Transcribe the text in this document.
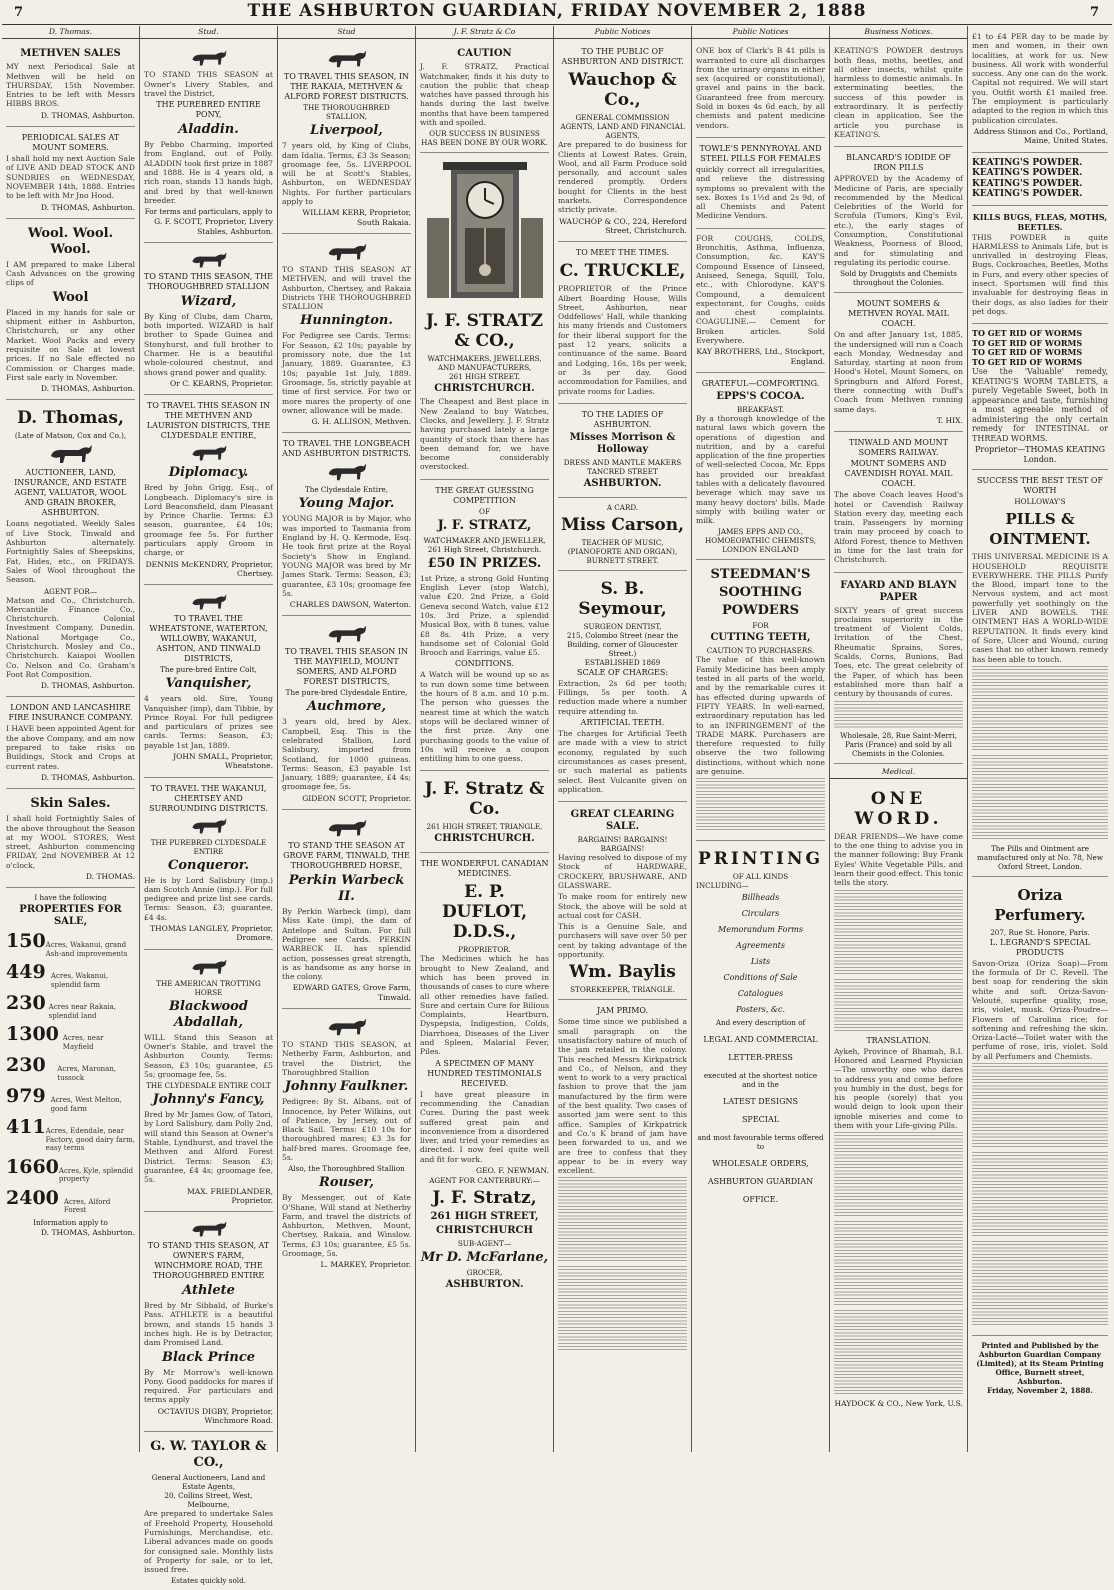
7	THE ASHBURTON GUARDIAN, FRIDAY NOVEMBER 2, 1888	7
D. Thomas.
METHVEN SALES
MY next Periodical Sale at Methven will be held on THURSDAY, 15th November. Entries to be left with Messrs HIBBS BROS.
D. THOMAS, Ashburton.
PERIODICAL SALES AT MOUNT SOMERS.
I shall hold my next Auction Sale of LIVE AND DEAD STOCK AND SUNDRIES on WEDNESDAY, NOVEMBER 14th, 1888. Entries to be left with Mr Jno Hood.
D. THOMAS, Ashburton.
Wool. Wool. Wool.
I AM prepared to make Liberal Cash Advances on the growing clips of
Wool
Placed in my hands for sale or shipment either in Ashburton, Christchurch, or any other Market. Wool Packs and every requisite on Sale at lowest prices. If no Sale effected no Commission or Charges made. First sale early in November.
D. THOMAS, Ashburton.
D. Thomas,
(Late of Matson, Cox and Co.),
AUCTIONEER, LAND, INSURANCE, AND ESTATE AGENT, VALUATOR, WOOL AND GRAIN BROKER, ASHBURTON.
Loans negotiated. Weekly Sales of Live Stock, Tinwald and Ashburton alternately. Fortnightly Sales of Sheepskins, Fat, Hides, etc., on FRIDAYS. Sales of Wool throughout the Season.
AGENT FOR—
Matson and Co., Christchurch. Mercantile Finance Co., Christchurch. Colonial Investment Company, Dunedin. National Mortgage Co., Christchurch. Mosley and Co., Christchurch. Kaiapoi Woollen Co. Nelson and Co. Graham's Foot Rot Composition.
D. THOMAS, Ashburton.
LONDON AND LANCASHIRE FIRE INSURANCE COMPANY.
I HAVE been appointed Agent for the above Company, and am now prepared to take risks on Buildings, Stock and Crops at current rates.
D. THOMAS, Ashburton.
Skin Sales.
I shall hold Fortnightly Sales of the above throughout the Season at my WOOL STORES, West street, Ashburton commencing FRIDAY, 2nd NOVEMBER At 12 o'clock,
D. THOMAS.
I have the following
PROPERTIES FOR SALE,
150 Acres, Wakanui, grand Ash-and improvements
449 Acres, Wakanui, splendid farm
230 Acres near Rakaia, splendid land
1300 Acres, near Mayfield
230	Acres, Maronan, tussock
979 Acres, West Melton, good farm
411 Acres, Edendale, near Factory, good dairy farm, easy terms
1660 Acres, Kyle, splendid property
2400 Acres, Alford Forest
Information apply to
D. THOMAS, Ashburton.
Stud.
TO STAND THIS SEASON at Owner's Livery Stables, and travel the District,
THE PUREBRED ENTIRE PONY,
Aladdin.
By Pebbo Charming, imported from England, out of Polly. ALADDIN took first prize in 1887 and 1888. He is 4 years old, a rich roan, stands 13 hands high, and bred by that well-known breeder.
For terms and particulars, apply to
G. F. SCOTT, Proprietor, Livery Stables, Ashburton.
TO STAND THIS SEASON, THE THOROUGHBRED STALLION
Wizard,
By King of Clubs, dam Charm, both imported. WIZARD is half brother to Spade Guinea and Stonyhurst, and full brother to Charmer. He is a beautiful whole-coloured chestnut, and shows grand power and quality.
Or C. KEARNS, Proprietor.
TO TRAVEL THIS SEASON IN THE METHVEN AND LAURISTON DISTRICTS, THE CLYDESDALE ENTIRE,
Diplomacy.
Bred by John Grigg, Esq., of Longbeach. Diplomacy's sire is Lord Beaconsfield, dam Pleasant by Prince Charlie. Terms: £3 season, guarantee, £4 10s; groomage fee 5s. For further particulars apply Groom in charge, or
DENNIS McKENDRY, Proprietor, Chertsey.
TO TRAVEL THE WHEATSTONE, WATERTON, WILLOWBY, WAKANUI, ASHTON, AND TINWALD DISTRICTS,
The pure-bred Entire Colt,
Vanquisher,
4 years old. Sire, Young Vanquisher (imp), dam Tibbie, by Prince Royal. For full pedigree and particulars of prizes see cards. Terms: Season, £3; payable 1st Jan, 1889.
JOHN SMALL, Proprietor, Wheatstone.
TO TRAVEL THE WAKANUI, CHERTSEY AND SURROUNDING DISTRICTS.
THE PUREBRED CLYDESDALE ENTIRE
Conqueror.
He is by Lord Salisbury (imp.) dam Scotch Annie (imp.). For full pedigree and prize list see cards. Terms: Season, £3; guarantee, £4 4s.
THOMAS LANGLEY, Proprietor, Dromore.
THE AMERICAN TROTTING HORSE
Blackwood Abdallah,
WILL Stand this Season at Owner's Stable, and travel the Ashburton County. Terms: Season, £3 10s; guarantee, £5 5s; groomage fee, 5s.
THE CLYDESDALE ENTIRE COLT
Johnny's Fancy,
Bred by Mr James Gow, of Tatori, by Lord Salisbury, dam Polly 2nd, will stand this Season at Owner's Stable, Lyndhurst, and travel the Methven and Alford Forest District. Terms: Season £3; guarantee, £4 4s; groomage fee, 5s.
MAX. FRIEDLANDER, Proprietor.
TO STAND THIS SEASON, AT OWNER'S FARM, WINCHMORE ROAD, THE THOROUGHBRED ENTIRE
Athlete
Bred by Mr Sibbald, of Burke's Pass. ATHLETE is a beautiful brown, and stands 15 hands 3 inches high. He is by Detractor, dam Promised Land.
Black Prince
By Mr Morrow's well-known Pony. Good paddocks for mares if required. For particulars and terms apply
OCTAVIUS DIGBY, Proprietor, Winchmore Road.
G. W. TAYLOR & CO.,
General Auctioneers, Land and Estate Agents,
20, Collins Street, West, Melbourne,
Are prepared to undertake Sales of Freehold Property, Household Furnishings, Merchandise, etc. Liberal advances made on goods for consigned sale. Monthly lists of Property for sale, or to let, issued free.
Estates quickly sold.
Stud
TO TRAVEL THIS SEASON, IN THE RAKAIA, METHVEN & ALFORD FOREST DISTRICTS.
THE THOROUGHBRED STALLION,
Liverpool,
7 years old, by King of Clubs, dam Idalia. Terms, £3 3s Season; groomage fee, 5s. LIVERPOOL will be at Scott's Stables, Ashburton, on WEDNESDAY Nights. For further particulars apply to
WILLIAM KERR, Proprietor, South Rakaia.
TO STAND THIS SEASON AT METHVEN, and will travel the Ashburton, Chertsey, and Rakaia Districts THE THOROUGHBRED STALLION
Hunnington.
For Pedigree see Cards. Terms: For Season, £2 10s; payable by promissory note, due the 1st January, 1889. Guarantee, £3 10s; payable 1st July, 1889. Groomage, 5s, strictly payable at time of first service. For two or more mares the property of one owner, allowance will be made.
G. H. ALLISON, Methven.
TO TRAVEL THE LONGBEACH AND ASHBURTON DISTRICTS.
The Clydesdale Entire,
Young Major.
YOUNG MAJOR is by Major, who was imported to Tasmania from England by H. Q. Kermode, Esq. He took first prize at the Royal Society's Show in England. YOUNG MAJOR was bred by Mr James Stark. Terms: Season, £3; guarantee, £3 10s; groomage fee 5s.
CHARLES DAWSON, Waterton.
TO TRAVEL THIS SEASON IN THE MAYFIELD, MOUNT SOMERS, AND ALFORD FOREST DISTRICTS,
The pure-bred Clydesdale Entire,
Auchmore,
3 years old, bred by Alex. Campbell, Esq. This is the celebrated Stallion, Lord Salisbury, imported from Scotland, for 1000 guineas. Terms: Season, £3 payable 1st January, 1889; guarantee, £4 4s; groomage fee, 5s.
GIDEON SCOTT, Proprietor.
TO STAND THE SEASON AT GROVE FARM, TINWALD, THE THOROUGHBRED HORSE,
Perkin Warbeck II.
By Perkin Warbeck (imp), dam Miss Kate (imp), the dam of Antelope and Sultan. For full Pedigree see Cards. PERKIN WARBECK II. has splendid action, possesses great strength, is as handsome as any horse in the colony.
EDWARD GATES, Grove Farm, Tinwald.
TO STAND THIS SEASON, at Netherby Farm, Ashburton, and travel the District, the Thoroughbred Stallion
Johnny Faulkner.
Pedigree: By St. Albans, out of Innocence, by Peter Wilkins, out of Patience, by Jersey, out of Black Sail. Terms: £10 10s for thoroughbred mares; £3 3s for half-bred mares. Groomage fee, 5s.
Also, the Thoroughbred Stallion
Rouser,
By Messenger, out of Kate O'Shane, Will stand at Netherby Farm, and travel the districts of Ashburton, Methven, Mount, Chertsey, Rakaia, and Winslow. Terms, £3 10s; guarantee, £5 5s. Groomage, 5s.
L. MARKEY, Proprietor.
J. F. Stratz & Co
CAUTION
J. F. STRATZ, Practical Watchmaker, finds it his duty to caution the public that cheap watches have passed through his hands during the last twelve months that have been tampered with and spoiled.
OUR SUCCESS IN BUSINESS HAS BEEN DONE BY OUR WORK.
J. F. STRATZ & CO.,
WATCHMAKERS, JEWELLERS, AND MANUFACTURERS,
261 HIGH STREET,
CHRISTCHURCH.
The Cheapest and Best place in New Zealand to buy Watches, Clocks, and Jewellery. J. F. Stratz having purchased lately a large quantity of stock than there has been demand for, we have become considerably overstocked.
THE GREAT GUESSING COMPETITION
OF
J. F. STRATZ,
WATCHMAKER AND JEWELLER,
261 High Street, Christchurch.
£50 IN PRIZES.
1st Prize, a strong Gold Hunting English Lever (stop Watch), value £20. 2nd Prize, a Gold Geneva second Watch, value £12 10s. 3rd Prize, a splendid Musical Box, with 8 tunes, value £8 8s. 4th Prize, a very handsome set of Colonial Gold Brooch and Earrings, value £5.
CONDITIONS.
A Watch will be wound up so as to run down some time between the hours of 8 a.m. and 10 p.m. The person who guesses the nearest time at which the watch stops will be declared winner of the first prize. Any one purchasing goods to the value of 10s will receive a coupon entitling him to one guess.
J. F. Stratz & Co.
261 HIGH STREET, TRIANGLE,
CHRISTCHURCH.
THE WONDERFUL CANADIAN MEDICINES.
E. P. DUFLOT, D.D.S.,
PROPRIETOR.
The Medicines which he has brought to New Zealand, and which has been proved in thousands of cases to cure where all other remedies have failed. Sure and certain Cure for Bilious Complaints, Heartburn, Dyspepsia, Indigestion, Colds, Diarrhoea, Diseases of the Liver and Spleen, Malarial Fever, Piles.
A SPECIMEN OF MANY HUNDRED TESTIMONIALS RECEIVED.
I have great pleasure in recommending the Canadian Cures. During the past week suffered great pain and inconvenience from a disordered liver, and tried your remedies as directed. I now feel quite well and fit for work.
GEO. F. NEWMAN.
AGENT FOR CANTERBURY:—
J. F. Stratz,
261 HIGH STREET,
CHRISTCHURCH
SUB-AGENT—
Mr D. McFarlane,
GROCER,
ASHBURTON.
Public Notices
TO THE PUBLIC OF ASHBURTON AND DISTRICT.
Wauchop & Co.,
GENERAL COMMISSION AGENTS, LAND AND FINANCIAL AGENTS,
Are prepared to do business for Clients at Lowest Rates. Grain, Wool, and all Farm Produce sold personally, and account sales rendered promptly. Orders bought for Clients in the best markets. Correspondence strictly private.
WAUCHOP & CO., 224, Hereford Street, Christchurch.
TO MEET THE TIMES.
C. TRUCKLE,
PROPRIETOR of the Prince Albert Boarding House, Wills Street, Ashburton, near Oddfellows' Hall, while thanking his many friends and Customers for their liberal support for the past 12 years, solicits a continuance of the same. Board and Lodging, 16s, 18s per week, or 3s per day. Good accommodation for Families, and private rooms for Ladies.
TO THE LADIES OF ASHBURTON.
Misses Morrison & Holloway
DRESS AND MANTLE MAKERS
TANCRED STREET
ASHBURTON.
A CARD.
Miss Carson,
TEACHER OF MUSIC,
(PIANOFORTE AND ORGAN),
BURNETT STREET.
S. B. Seymour,
SURGEON DENTIST,
215, Colombo Street (near the Building, corner of Gloucester Street.)
ESTABLISHED 1869
SCALE OF CHARGES:
Extraction, 2s 6d per tooth; Fillings, 5s per tooth. A reduction made where a number require attending to.
ARTIFICIAL TEETH.
The charges for Artificial Teeth are made with a view to strict economy, regulated by such circumstances as cases present, or such material as patients select. Best Vulcanite given on application.
GREAT CLEARING SALE.
BARGAINS! BARGAINS! BARGAINS!
Having resolved to dispose of my Stock of HARDWARE, CROCKERY, BRUSHWARE, AND GLASSWARE.
To make room for entirely new Stock, the above will be sold at actual cost for CASH.
This is a Genuine Sale, and purchasers will save over 50 per cent by taking advantage of the opportunity.
Wm. Baylis
STOREKEEPER, TRIANGLE.
JAM PRIMO.
Some time since we published a small paragraph on the unsatisfactory nature of much of the jam retailed in the colony. This reached Messrs Kirkpatrick and Co., of Nelson, and they went to work to a very practical fashion to prove that the jam manufactured by the firm were of the best quality. Two cases of assorted jam were sent to this office. Samples of Kirkpatrick and Co.'s K brand of jam have been forwarded to us, and we are free to confess that they appear to be in every way excellent.
Public Notices
ONE box of Clark's B 41 pills is warranted to cure all discharges from the urinary organs in either sex (acquired or constitutional), gravel and pains in the back. Guaranteed free from mercury. Sold in boxes 4s 6d each, by all chemists and patent medicine vendors.
TOWLE'S PENNYROYAL AND STEEL PILLS FOR FEMALES
quickly correct all irregularities, and relieve the distressing symptoms so prevalent with the sex. Boxes 1s 1½d and 2s 9d, of all Chemists and Patent Medicine Vendors.
FOR COUGHS, COLDS, Bronchitis, Asthma, Influenza, Consumption, &c. KAY'S Compound Essence of Linseed, Aniseed, Senega, Squill, Tolu, etc., with Chlorodyne. KAY'S Compound, a demulcent expectorant, for Coughs, colds and chest complaints. COAGULINE.— Cement for Broken articles. Sold Everywhere.
KAY BROTHERS, Ltd., Stockport, England.
GRATEFUL—COMFORTING.
EPPS'S COCOA.
BREAKFAST.
By a thorough knowledge of the natural laws which govern the operations of digestion and nutrition, and by a careful application of the fine properties of well-selected Cocoa, Mr. Epps has provided our breakfast tables with a delicately flavoured beverage which may save us many heavy doctors' bills. Made simply with boiling water or milk.
JAMES EPPS AND CO., HOMOEOPATHIC CHEMISTS, LONDON ENGLAND
STEEDMAN'S
SOOTHING
POWDERS
FOR
CUTTING TEETH,
CAUTION TO PURCHASERS.
The value of this well-known Family Medicine has been amply tested in all parts of the world, and by the remarkable cures it has effected during upwards of FIFTY YEARS. In well-earned, extraordinary reputation has led to an INFRINGEMENT of the TRADE MARK. Purchasers are therefore requested to fully observe the two following distinctions, without which none are genuine.
PRINTING
OF ALL KINDS
INCLUDING—
Billheads
Circulars
Memorandum Forms
Agreements
Lists
Conditions of Sale
Catalogues
Posters, &c.
And every description of
LEGAL AND COMMERCIAL
LETTER-PRESS
executed at the shortest notice and in the
LATEST DESIGNS
SPECIAL
and most favourable terms offered to
WHOLESALE ORDERS,
ASHBURTON GUARDIAN
OFFICE.
Business Notices.
KEATING'S POWDER destroys both fleas, moths, beetles, and all other insects, whilst quite harmless to domestic animals. In exterminating beetles, the success of this powder is extraordinary. It is perfectly clean in application. See the article you purchase is KEATING'S.
BLANCARD'S IODIDE OF IRON PILLS
APPROVED by the Academy of Medicine of Paris, are specially recommended by the Medical Celebrities of the World for Scrofula (Tumors, King's Evil, etc.), the early stages of Consumption, Constitutional Weakness, Poorness of Blood, and for stimulating and regulating its periodic course.
Sold by Druggists and Chemists throughout the Colonies.
MOUNT SOMERS & METHVEN ROYAL MAIL COACH.
On and after January 1st, 1885, the undersigned will run a Coach each Monday, Wednesday and Saturday, starting at noon from Hood's Hotel, Mount Somers, on Springburn and Alford Forest, there connecting with Duff's Coach from Methven running same days.
T. HIX.
TINWALD AND MOUNT SOMERS RAILWAY.
MOUNT SOMERS AND CAVENDISH ROYAL MAIL COACH.
The above Coach leaves Hood's hotel or Cavendish Railway Station every day, meeting each train. Passengers by morning train may proceed by coach to Alford Forest, thence to Methven in time for the last train for Christchurch.
FAYARD AND BLAYN PAPER
SIXTY years of great success proclaims superiority in the treatment of Violent Colds, Irritation of the Chest, Rheumatic Sprains, Sores, Scalds, Corns, Bunions, Bad Toes, etc. The great celebrity of the Paper, of which has been established more than half a century by thousands of cures.
Wholesale, 28, Rue Saint-Merri, Paris (France) and sold by all Chemists in the Colonies.
Medical.
ONE WORD.
DEAR FRIENDS—We have come to the one thing to advise you in the manner following: Buy Frank Eyles' White Vegetable Pills, and learn their good effect. This tonic tells the story.
TRANSLATION.
Aykeh, Province of Bhamah, B.I. Honored and Learned Physician—The unworthy one who dares to address you and come before you humbly in the dust, begs for his people (sorely) that you would deign to look upon their ignoble miseries and come to them with your Life-giving Pills.
HAYDOCK & CO., New York, U.S.
£1 to £4 PER day to be made by men and women, in their own localities, at work for us. New business. All work with wonderful success. Any one can do the work. Capital not required. We will start you. Outfit worth £1 mailed free. The employment is particularly adapted to the region in which this publication circulates.
Address Stinson and Co., Portland, Maine, United States.
KEATING'S POWDER.
KEATING'S POWDER.
KEATING'S POWDER.
KEATING'S POWDER.
KILLS BUGS, FLEAS, MOTHS, BEETLES.
THIS POWDER is quite HARMLESS to Animals Life, but is unrivalled in destroying Fleas, Bugs, Cockroaches, Beetles, Moths in Furs, and every other species of insect. Sportsmen will find this invaluable for destroying fleas in their dogs, as also ladies for their pet dogs.
TO GET RID OF WORMS
TO GET RID OF WORMS
TO GET RID OF WORMS
TO GET RID OF WORMS
Use the 'Valuable' remedy, KEATING'S WORM TABLETS, a purely Vegetable Sweet, both in appearance and taste, furnishing a most agreeable method of administering the only certain remedy for INTESTINAL or THREAD WORMS.
Proprietor—THOMAS KEATING London.
SUCCESS THE BEST TEST OF WORTH
HOLLOWAY'S
PILLS & OINTMENT.
THIS UNIVERSAL MEDICINE IS A HOUSEHOLD REQUISITE EVERYWHERE. THE PILLS Purify the Blood, impart tone to the Nervous system, and act most powerfully yet soothingly on the LIVER AND BOWELS. THE OINTMENT HAS A WORLD-WIDE REPUTATION. It finds every kind of Sore, Ulcer and Wound, curing cases that no other known remedy has been able to touch.
The Pills and Ointment are manufactured only at No. 78, New Oxford Street, London.
Oriza Perfumery.
207, Rue St. Honore, Paris.
L. LEGRAND'S SPECIAL PRODUCTS
Savon-Oriza (Oriza Soap)—From the formula of Dr C. Revell. The best soap for rendering the skin white and soft. Oriza-Savon-Velouté, superfine quality, rose, iris, violet, musk. Oriza-Poudre—Flowers of Carolina rice; for softening and refreshing the skin. Oriza-Lacté—Toilet water with the perfume of rose, iris, violet. Sold by all Perfumers and Chemists.
Printed and Published by the Ashburton Guardian Company (Limited), at its Steam Printing Office, Burnett street, Ashburton.
Friday, November 2, 1888.
